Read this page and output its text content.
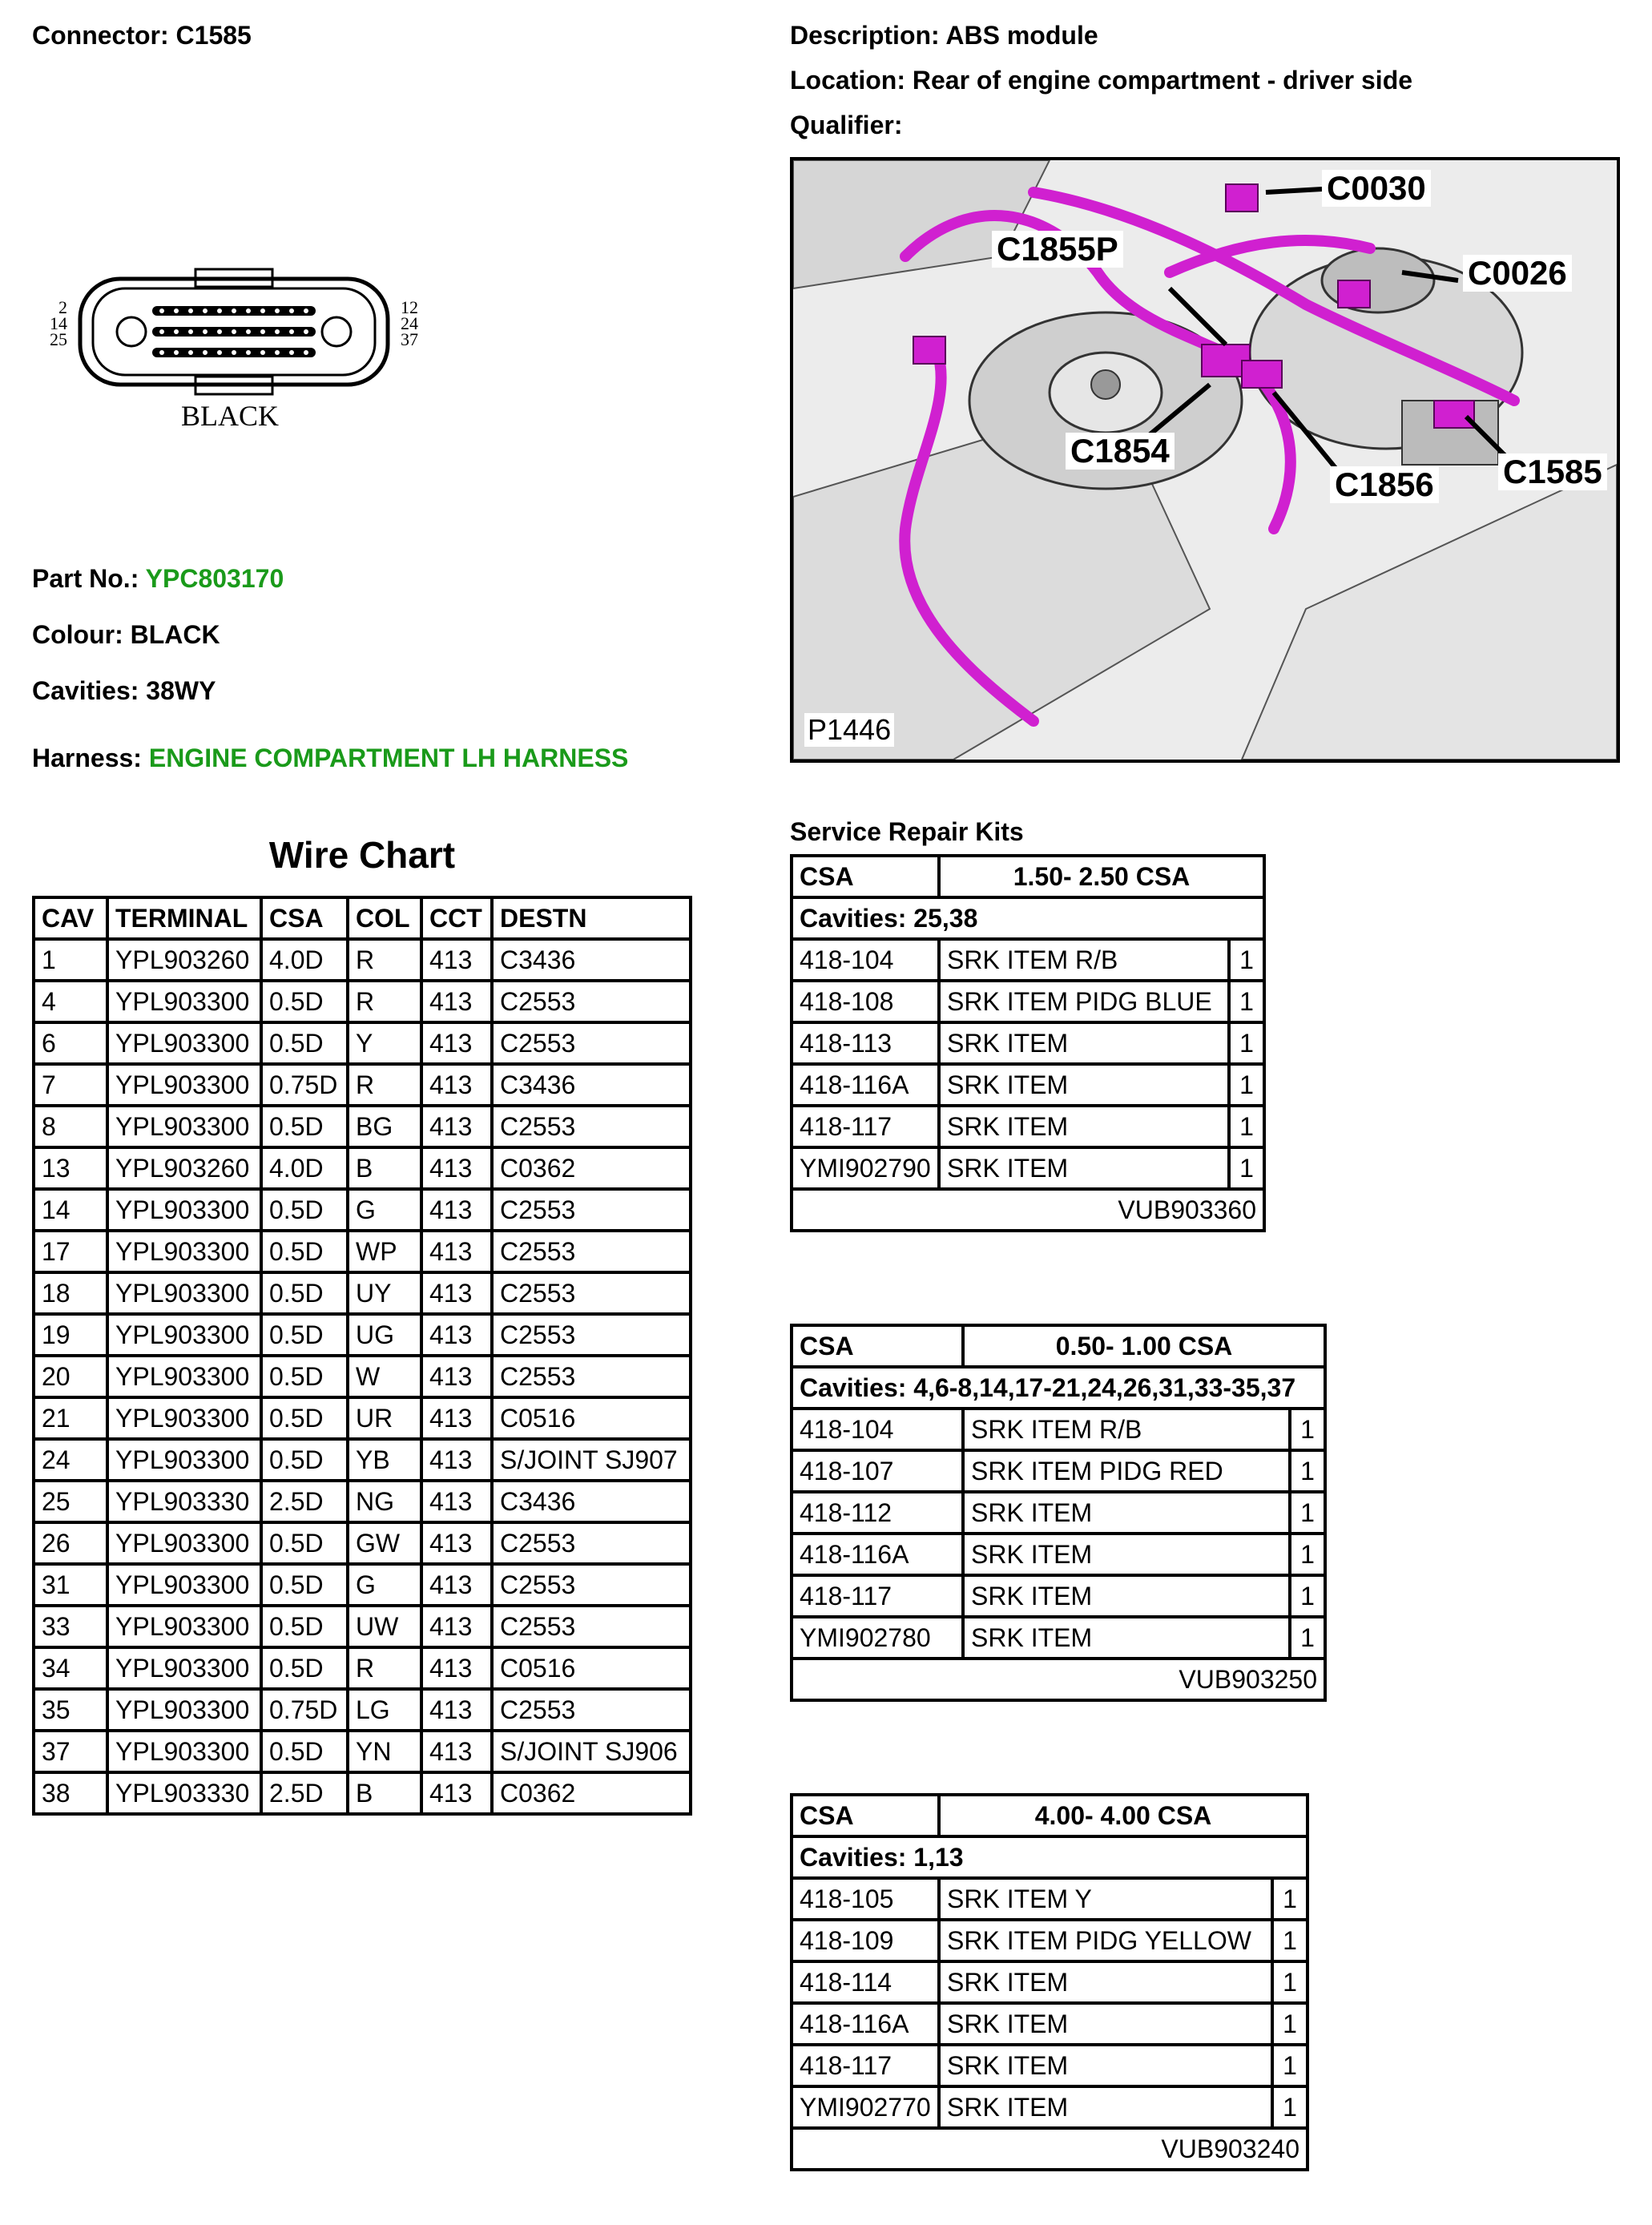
Connector: C1585	Description: ABS module
Location: Rear of engine compartment - driver side
Qualifier:
2
14
25
12
24
37
BLACK
Part No.: YPC803170
Colour: BLACK
Cavities: 38WY
Harness: ENGINE COMPARTMENT LH HARNESS
C0030
C1855P
C0026
C1854
C1856 C1585
P1446
Wire Chart
CAV	TERMINAL	CSA	COL	CCT	DESTN
1	YPL903260	4.0D	R	413	C3436
4	YPL903300	0.5D	R	413	C2553
6	YPL903300	0.5D	Y	413	C2553
7	YPL903300	0.75D	R	413	C3436
8	YPL903300	0.5D	BG	413	C2553
13	YPL903260	4.0D	B	413	C0362
14	YPL903300	0.5D	G	413	C2553
17	YPL903300	0.5D	WP	413	C2553
18	YPL903300	0.5D	UY	413	C2553
19	YPL903300	0.5D	UG	413	C2553
20	YPL903300	0.5D	W	413	C2553
21	YPL903300	0.5D	UR	413	C0516
24	YPL903300	0.5D	YB	413	S/JOINT SJ907
25	YPL903330	2.5D	NG	413	C3436
26	YPL903300	0.5D	GW	413	C2553
31	YPL903300	0.5D	G	413	C2553
33	YPL903300	0.5D	UW	413	C2553
34	YPL903300	0.5D	R	413	C0516
35	YPL903300	0.75D	LG	413	C2553
37	YPL903300	0.5D	YN	413	S/JOINT SJ906
38	YPL903330	2.5D	B	413	C0362
Service Repair Kits
CSA	1.50- 2.50 CSA	
Cavities: 25,38		
418-104	SRK ITEM R/B	1
418-108	SRK ITEM PIDG BLUE	1
418-113	SRK ITEM	1
418-116A	SRK ITEM	1
418-117	SRK ITEM	1
YMI902790	SRK ITEM	1
VUB903360		
CSA	0.50- 1.00 CSA	
Cavities: 4,6-8,14,17-21,24,26,31,33-35,37		
418-104	SRK ITEM R/B	1
418-107	SRK ITEM PIDG RED	1
418-112	SRK ITEM	1
418-116A	SRK ITEM	1
418-117	SRK ITEM	1
YMI902780	SRK ITEM	1
VUB903250		
CSA	4.00- 4.00 CSA	
Cavities: 1,13		
418-105	SRK ITEM Y	1
418-109	SRK ITEM PIDG YELLOW	1
418-114	SRK ITEM	1
418-116A	SRK ITEM	1
418-117	SRK ITEM	1
YMI902770	SRK ITEM	1
VUB903240		
